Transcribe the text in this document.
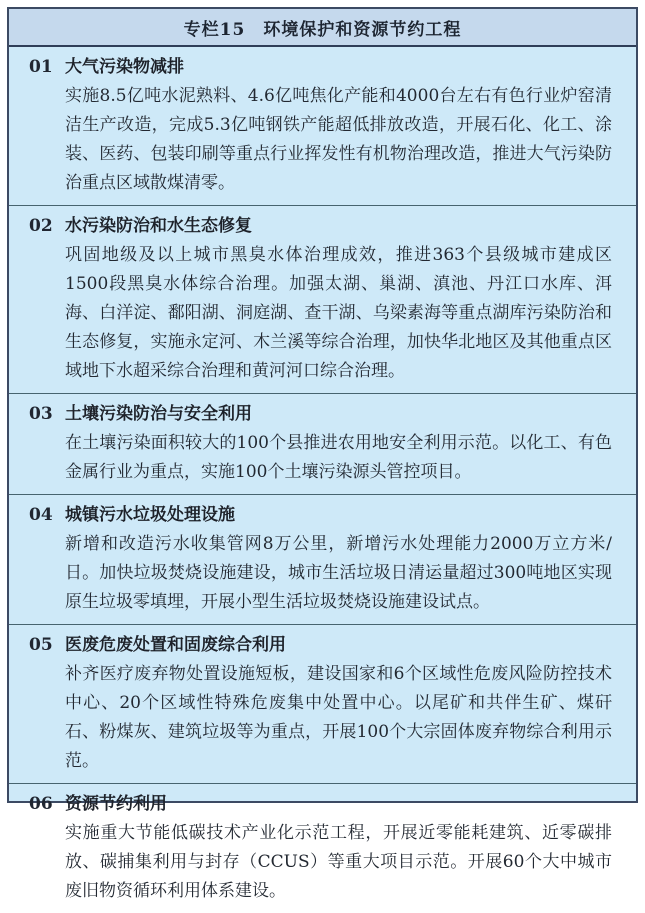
专栏15　环境保护和资源节约工程
01 大气污染物减排
实施8.5亿吨水泥熟料、4.6亿吨焦化产能和4000台左右有色行业炉窑清洁生产改造，完成5.3亿吨钢铁产能超低排放改造，开展石化、化工、涂装、医药、包装印刷等重点行业挥发性有机物治理改造，推进大气污染防治重点区域散煤清零。
02 水污染防治和水生态修复
巩固地级及以上城市黑臭水体治理成效，推进363个县级城市建成区1500段黑臭水体综合治理。加强太湖、巢湖、滇池、丹江口水库、洱海、白洋淀、鄱阳湖、洞庭湖、查干湖、乌梁素海等重点湖库污染防治和生态修复，实施永定河、木兰溪等综合治理，加快华北地区及其他重点区域地下水超采综合治理和黄河河口综合治理。
03 土壤污染防治与安全利用
在土壤污染面积较大的100个县推进农用地安全利用示范。以化工、有色金属行业为重点，实施100个土壤污染源头管控项目。
04 城镇污水垃圾处理设施
新增和改造污水收集管网8万公里，新增污水处理能力2000万立方米/日。加快垃圾焚烧设施建设，城市生活垃圾日清运量超过300吨地区实现原生垃圾零填埋，开展小型生活垃圾焚烧设施建设试点。
05 医废危废处置和固废综合利用
补齐医疗废弃物处置设施短板，建设国家和6个区域性危废风险防控技术中心、20个区域性特殊危废集中处置中心。以尾矿和共伴生矿、煤矸石、粉煤灰、建筑垃圾等为重点，开展100个大宗固体废弃物综合利用示范。
06 资源节约利用
实施重大节能低碳技术产业化示范工程，开展近零能耗建筑、近零碳排放、碳捕集利用与封存（CCUS）等重大项目示范。开展60个大中城市废旧物资循环利用体系建设。
